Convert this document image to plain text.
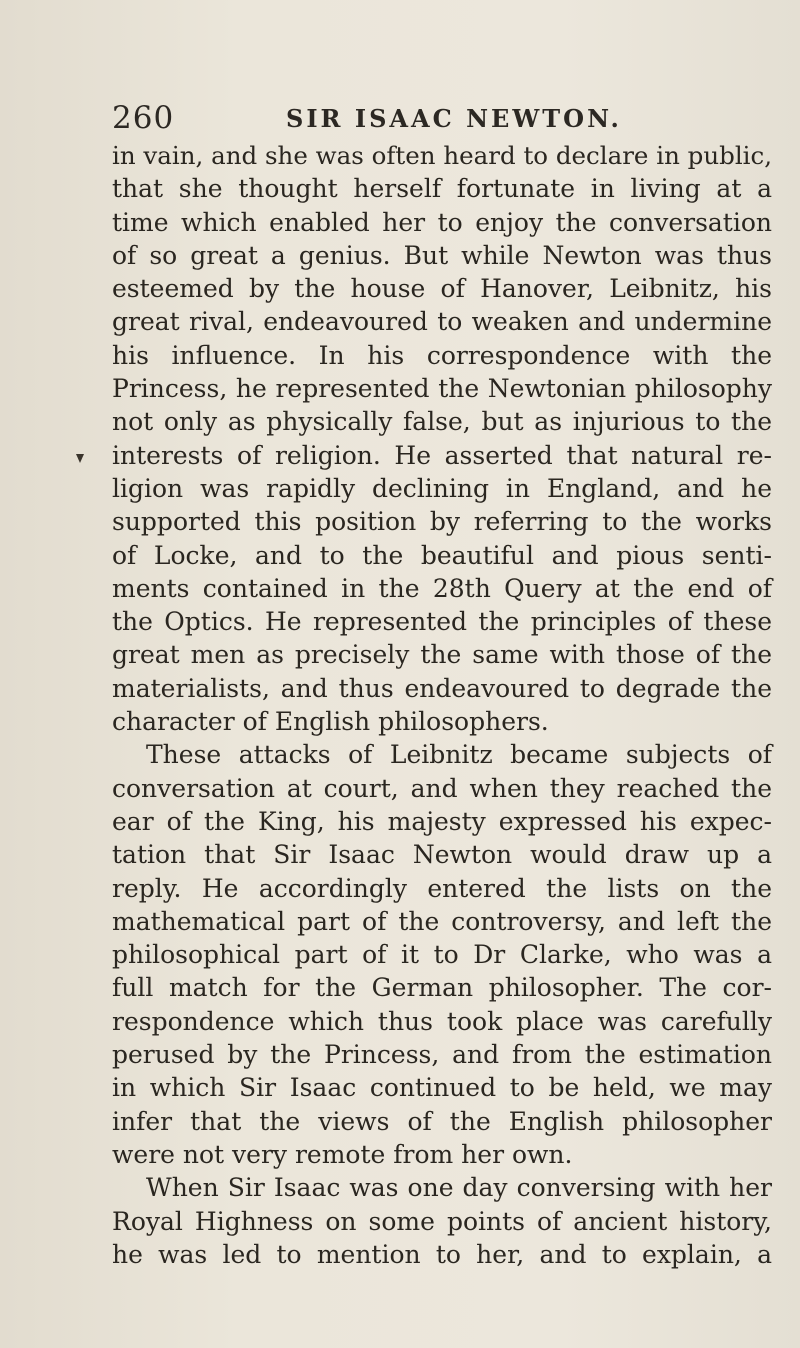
260	SIR ISAAC NEWTON.
in vain, and she was often heard to declare in public,
that she thought herself fortunate in living at a
time which enabled her to enjoy the conversation
of so great a genius. But while Newton was thus
esteemed by the house of Hanover, Leibnitz, his
great rival, endeavoured to weaken and undermine
his influence. In his correspondence with the
Princess, he represented the Newtonian philosophy
not only as physically false, but as injurious to the
interests of religion. He asserted that natural re-
ligion was rapidly declining in England, and he
supported this position by referring to the works
of Locke, and to the beautiful and pious senti-
ments contained in the 28th Query at the end of
the Optics. He represented the principles of these
great men as precisely the same with those of the
materialists, and thus endeavoured to degrade the
character of English philosophers.
These attacks of Leibnitz became subjects of
conversation at court, and when they reached the
ear of the King, his majesty expressed his expec-
tation that Sir Isaac Newton would draw up a
reply. He accordingly entered the lists on the
mathematical part of the controversy, and left the
philosophical part of it to Dr Clarke, who was a
full match for the German philosopher. The cor-
respondence which thus took place was carefully
perused by the Princess, and from the estimation
in which Sir Isaac continued to be held, we may
infer that the views of the English philosopher
were not very remote from her own.
When Sir Isaac was one day conversing with her
Royal Highness on some points of ancient history,
he was led to mention to her, and to explain, a
